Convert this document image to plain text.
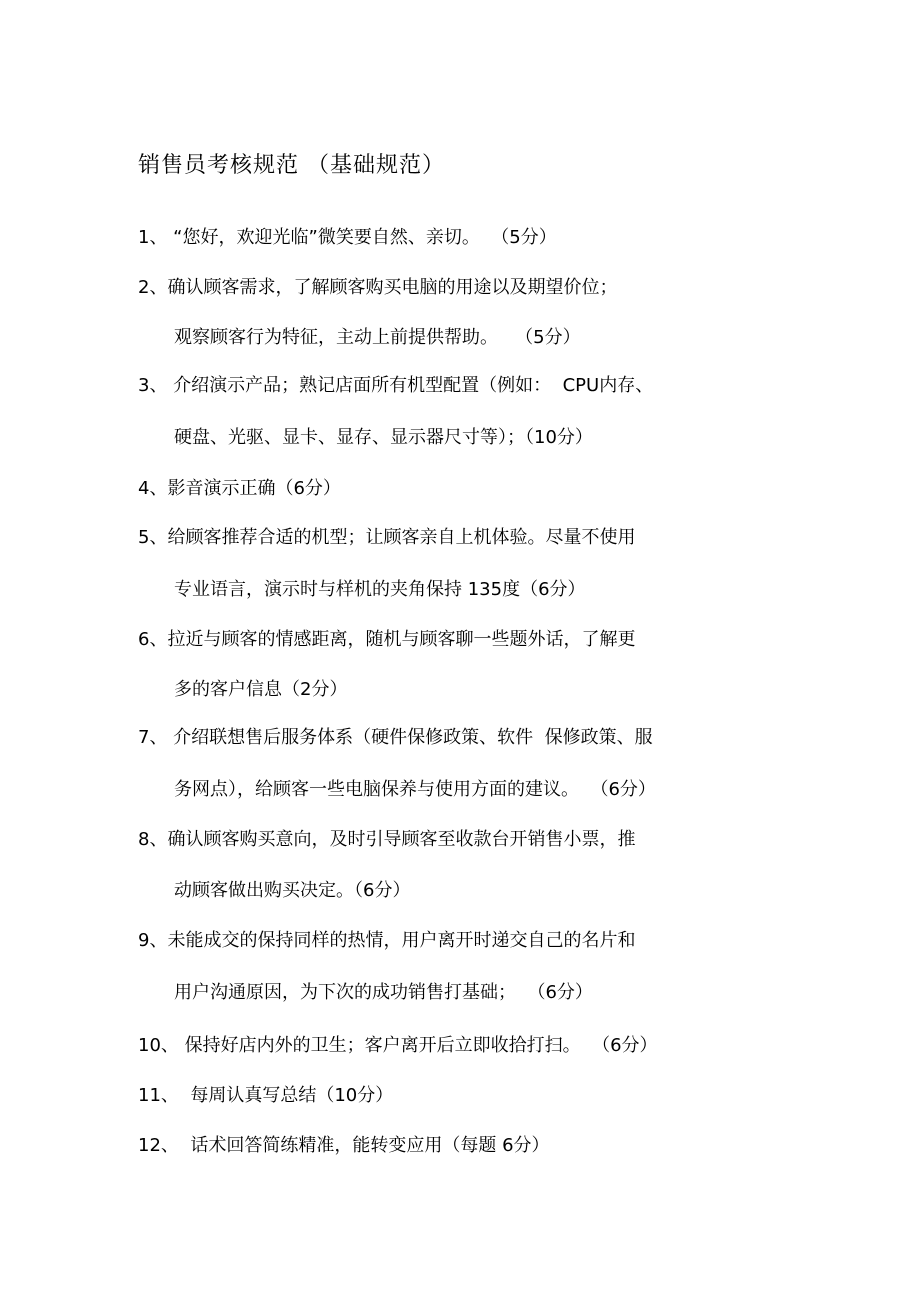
销售员考核规范 （基础规范）
1、 “您好，欢迎光临”微笑要自然、亲切。  （5分）
2、确认顾客需求，了解顾客购买电脑的用途以及期望价位；
观察顾客行为特征，主动上前提供帮助。   （5分）
3、 介绍演示产品；熟记店面所有机型配置（例如：  CPU内存、
硬盘、光驱、显卡、显存、显示器尺寸等）；（10分）
4、影音演示正确（6分）
5、给顾客推荐合适的机型；让顾客亲自上机体验。尽量不使用
专业语言，演示时与样机的夹角保持 135度（6分）
6、拉近与顾客的情感距离，随机与顾客聊一些题外话，了解更
多的客户信息（2分）
7、 介绍联想售后服务体系（硬件保修政策、软件  保修政策、服
务网点），给顾客一些电脑保养与使用方面的建议。  （6分）
8、确认顾客购买意向，及时引导顾客至收款台开销售小票，推
动顾客做出购买决定。（6分）
9、未能成交的保持同样的热情，用户离开时递交自己的名片和
用户沟通原因，为下次的成功销售打基础；  （6分）
10、 保持好店内外的卫生；客户离开后立即收拾打扫。  （6分）
11、  每周认真写总结（10分）
12、  话术回答简练精准，能转变应用（每题 6分）
